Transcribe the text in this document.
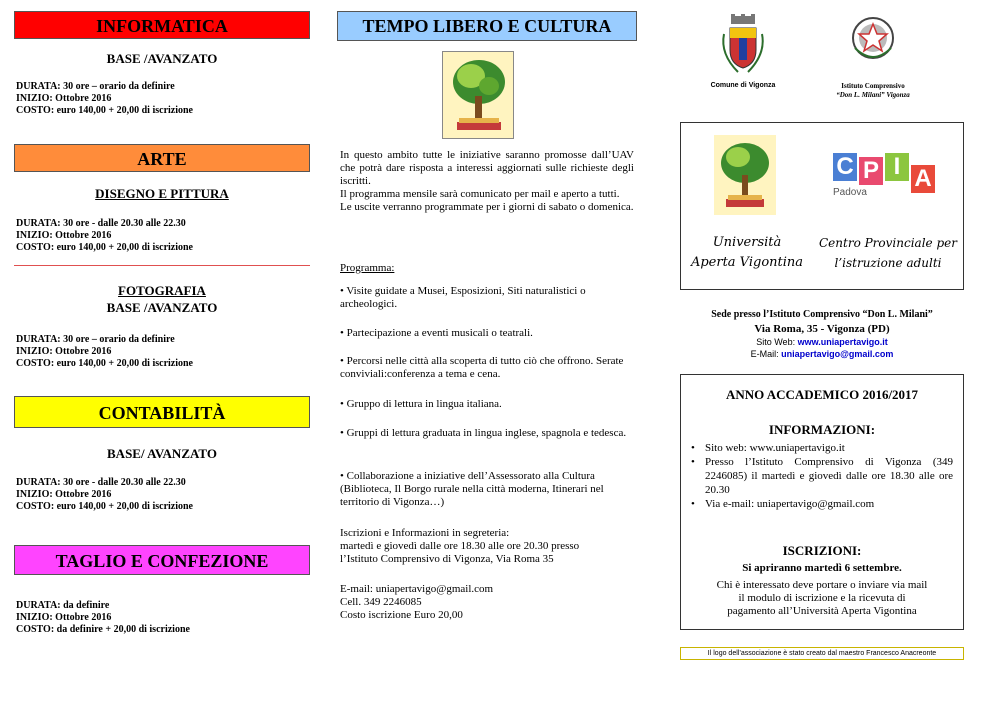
INFORMATICA
BASE /AVANZATO
DURATA: 30 ore – orario da definire
INIZIO: Ottobre 2016
COSTO: euro 140,00 + 20,00 di iscrizione
ARTE
DISEGNO E PITTURA
DURATA: 30 ore - dalle 20.30 alle 22.30
INIZIO: Ottobre 2016
COSTO: euro 140,00 + 20,00 di iscrizione
FOTOGRAFIA
BASE /AVANZATO
DURATA: 30 ore – orario da definire
INIZIO: Ottobre 2016
COSTO: euro 140,00 + 20,00 di iscrizione
CONTABILITÀ
BASE/ AVANZATO
DURATA: 30 ore - dalle 20.30 alle 22.30
INIZIO: Ottobre 2016
COSTO: euro 140,00 + 20,00 di iscrizione
TAGLIO E CONFEZIONE
DURATA: da definire
INIZIO: Ottobre 2016
COSTO: da definire + 20,00 di iscrizione
TEMPO LIBERO E CULTURA
In questo ambito tutte le iniziative saranno promosse dall’UAV che potrà dare risposta a interessi aggiornati sulle richieste degli iscritti.
Il programma mensile sarà comunicato per mail e aperto a tutti.
Le uscite verranno programmate per i giorni di sabato o domenica.
Programma:
• Visite guidate a Musei, Esposizioni, Siti naturalistici o archeologici.
• Partecipazione a eventi musicali o teatrali.
• Percorsi nelle città alla scoperta di tutto ciò che offrono. Serate conviviali:conferenza a tema e cena.
• Gruppo di lettura in lingua italiana.
• Gruppi di lettura graduata in lingua inglese, spagnola e tedesca.
• Collaborazione a iniziative dell’Assessorato alla Cultura (Biblioteca, Il Borgo rurale nella città moderna, Itinerari nel territorio di Vigonza…)
Iscrizioni e Informazioni in segreteria:
martedì e giovedì dalle ore 18.30 alle ore 20.30 presso
l’Istituto Comprensivo di Vigonza, Via Roma 35
E-mail: uniapertavigo@gmail.com
Cell. 349 2246085
Costo iscrizione Euro 20,00
Comune di Vigonza	Istituto Comprensivo
“Don L. Milani” Vigonza
C P I A
Padova
Università
Aperta Vigontina
Centro Provinciale per
l’istruzione adulti
Sede presso l’Istituto Comprensivo “Don L. Milani”
Via Roma, 35 - Vigonza (PD)
Sito Web: www.uniapertavigo.it
E-Mail: uniapertavigo@gmail.com
ANNO ACCADEMICO 2016/2017
INFORMAZIONI:
• Sito web: www.uniapertavigo.it
• Presso l’Istituto Comprensivo di Vigonza (349 2246085) il martedì e giovedì dalle ore 18.30 alle ore 20.30
• Via e-mail: uniapertavigo@gmail.com
ISCRIZIONI:
Si apriranno martedì 6 settembre.
Chi è interessato deve portare o inviare via mail il modulo di iscrizione e la ricevuta di pagamento all’Università Aperta Vigontina
Il logo dell’associazione è stato creato dal maestro Francesco Anacreonte
